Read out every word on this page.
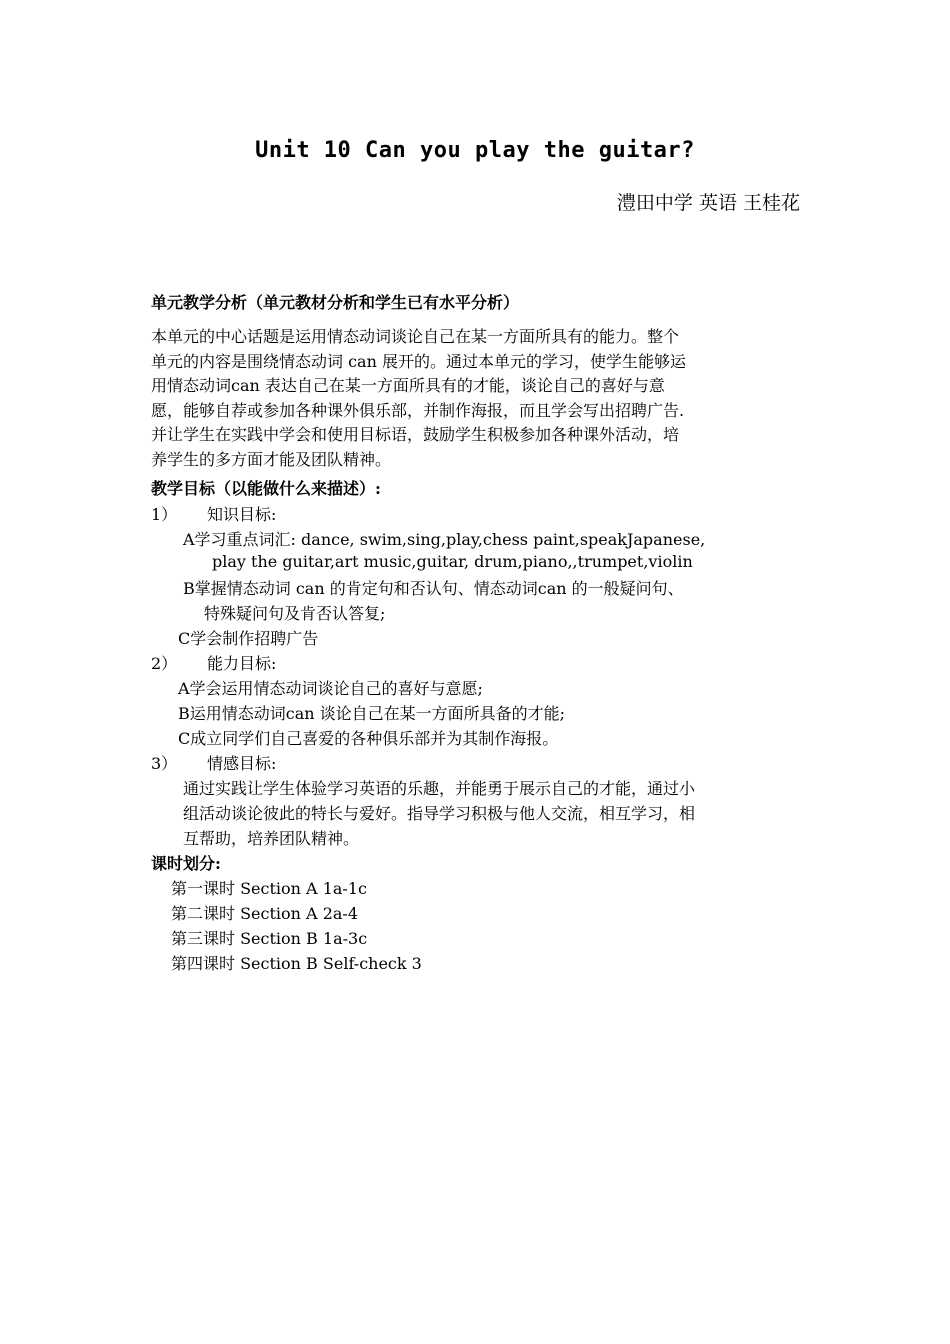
Unit 10 Can you play the guitar?
澧田中学 英语 王桂花
单元教学分析（单元教材分析和学生已有水平分析）
本单元的中心话题是运用情态动词谈论自己在某一方面所具有的能力。整个
单元的内容是围绕情态动词 can 展开的。通过本单元的学习，使学生能够运
用情态动词can 表达自己在某一方面所具有的才能，谈论自己的喜好与意
愿，能够自荐或参加各种课外俱乐部，并制作海报，而且学会写出招聘广告.
并让学生在实践中学会和使用目标语，鼓励学生积极参加各种课外活动，培
养学生的多方面才能及团队精神。
教学目标（以能做什么来描述）:
1） 知识目标:
A学习重点词汇: dance, swim,sing,play,chess paint,speakJapanese,
play the guitar,art music,guitar, drum,piano,,trumpet,violin
B掌握情态动词 can 的肯定句和否认句、情态动词can 的一般疑问句、
特殊疑问句及肯否认答复;
C学会制作招聘广告
2） 能力目标:
A学会运用情态动词谈论自己的喜好与意愿;
B运用情态动词can 谈论自己在某一方面所具备的才能;
C成立同学们自己喜爱的各种俱乐部并为其制作海报。
3） 情感目标:
通过实践让学生体验学习英语的乐趣，并能勇于展示自己的才能，通过小
组活动谈论彼此的特长与爱好。指导学习积极与他人交流，相互学习，相
互帮助，培养团队精神。
课时划分:
第一课时 Section A 1a-1c
第二课时 Section A 2a-4
第三课时 Section B 1a-3c
第四课时 Section B Self-check 3
